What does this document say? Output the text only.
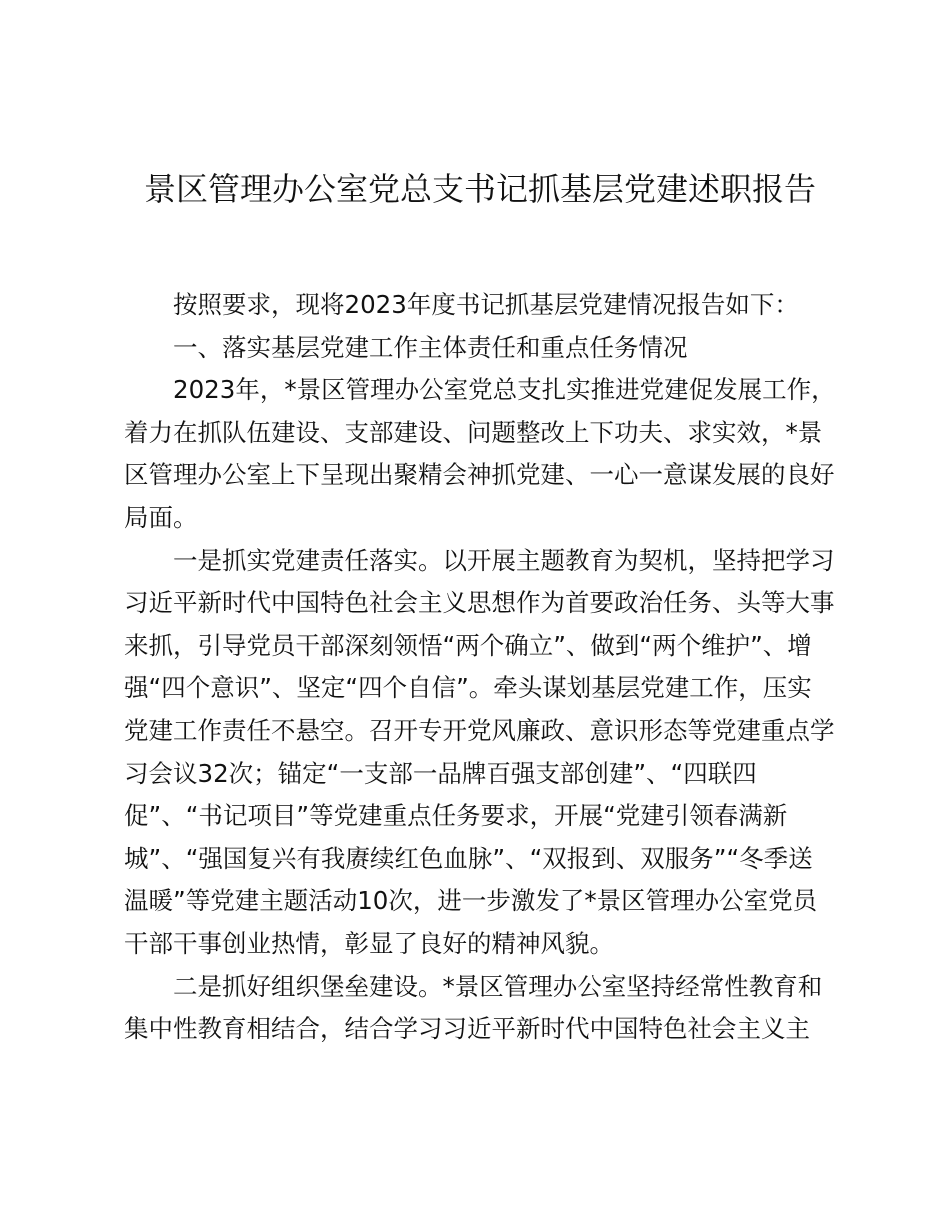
景区管理办公室党总支书记抓基层党建述职报告

按照要求，现将2023年度书记抓基层党建情况报告如下：

一、落实基层党建工作主体责任和重点任务情况

2023年，*景区管理办公室党总支扎实推进党建促发展工作，着力在抓队伍建设、支部建设、问题整改上下功夫、求实效，*景区管理办公室上下呈现出聚精会神抓党建、一心一意谋发展的良好局面。

一是抓实党建责任落实。以开展主题教育为契机，坚持把学习习近平新时代中国特色社会主义思想作为首要政治任务、头等大事来抓，引导党员干部深刻领悟“两个确立”、做到“两个维护”、增强“四个意识”、坚定“四个自信”。牵头谋划基层党建工作，压实党建工作责任不悬空。召开专开党风廉政、意识形态等党建重点学习会议32次；锚定“一支部一品牌百强支部创建”、“四联四促”、“书记项目”等党建重点任务要求，开展“党建引领春满新城”、“强国复兴有我赓续红色血脉”、“双报到、双服务”“冬季送温暖”等党建主题活动10次，进一步激发了*景区管理办公室党员干部干事创业热情，彰显了良好的精神风貌。

二是抓好组织堡垒建设。*景区管理办公室坚持经常性教育和集中性教育相结合，结合学习习近平新时代中国特色社会主义主
